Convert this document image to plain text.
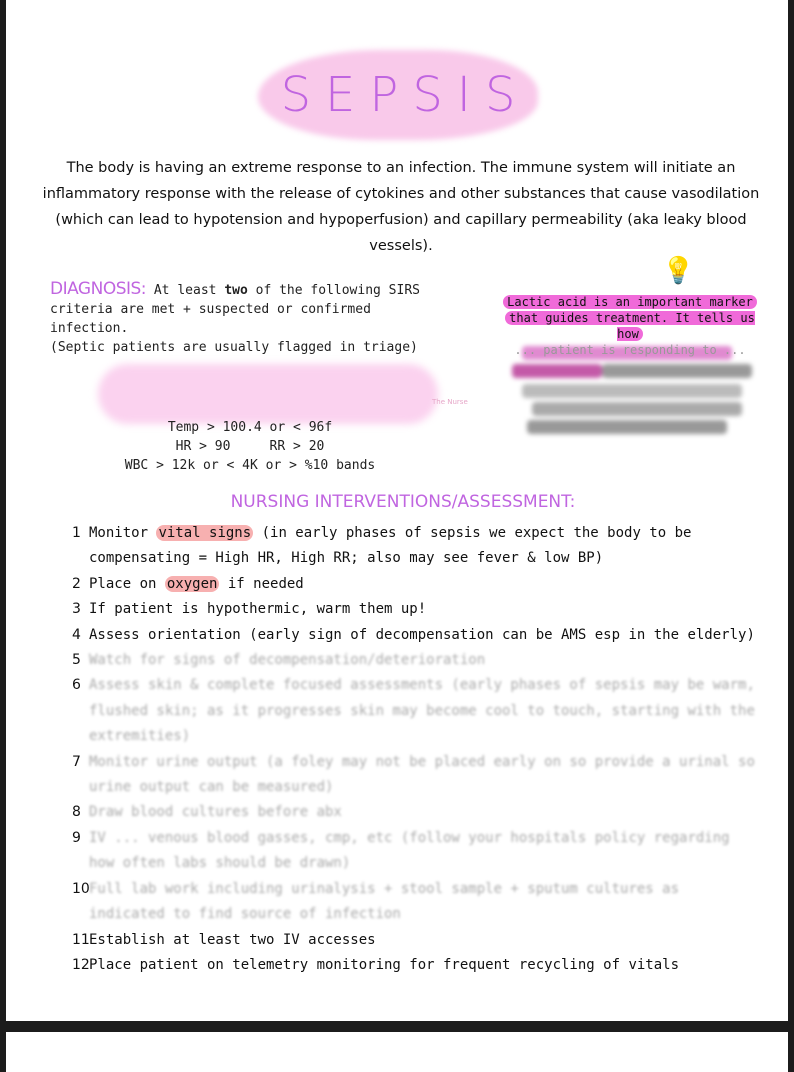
SEPSIS
The body is having an extreme response to an infection. The immune system will initiate an inflammatory response with the release of cytokines and other substances that cause vasodilation (which can lead to hypotension and hypoperfusion) and capillary permeability (aka leaky blood vessels).
DIAGNOSIS: At least two of the following SIRS criteria are met + suspected or confirmed infection.
(Septic patients are usually flagged in triage)
Temp > 100.4 or < 96f
HR > 90     RR > 20
WBC > 12k or < 4K or > %10 bands
The Nurse
💡
Lactic acid is an important marker
that guides treatment. It tells us how
... patient is responding to ...
NURSING INTERVENTIONS/ASSESSMENT:
1 Monitor vital signs (in early phases of sepsis we expect the body to be compensating = High HR, High RR; also may see fever & low BP)
2 Place on oxygen if needed
3 If patient is hypothermic, warm them up!
4 Assess orientation (early sign of decompensation can be AMS esp in the elderly)
5 Watch for signs of decompensation/deterioration
6 Assess skin & complete focused assessments (early phases of sepsis may be warm, flushed skin; as it progresses skin may become cool to touch, starting with the extremities)
7 Monitor urine output (a foley may not be placed early on so provide a urinal so urine output can be measured)
8 Draw blood cultures before abx
9 IV ... venous blood gasses, cmp, etc (follow your hospitals policy regarding how often labs should be drawn)
10 Full lab work including urinalysis + stool sample + sputum cultures as indicated to find source of infection
11 Establish at least two IV accesses
12 Place patient on telemetry monitoring for frequent recycling of vitals
